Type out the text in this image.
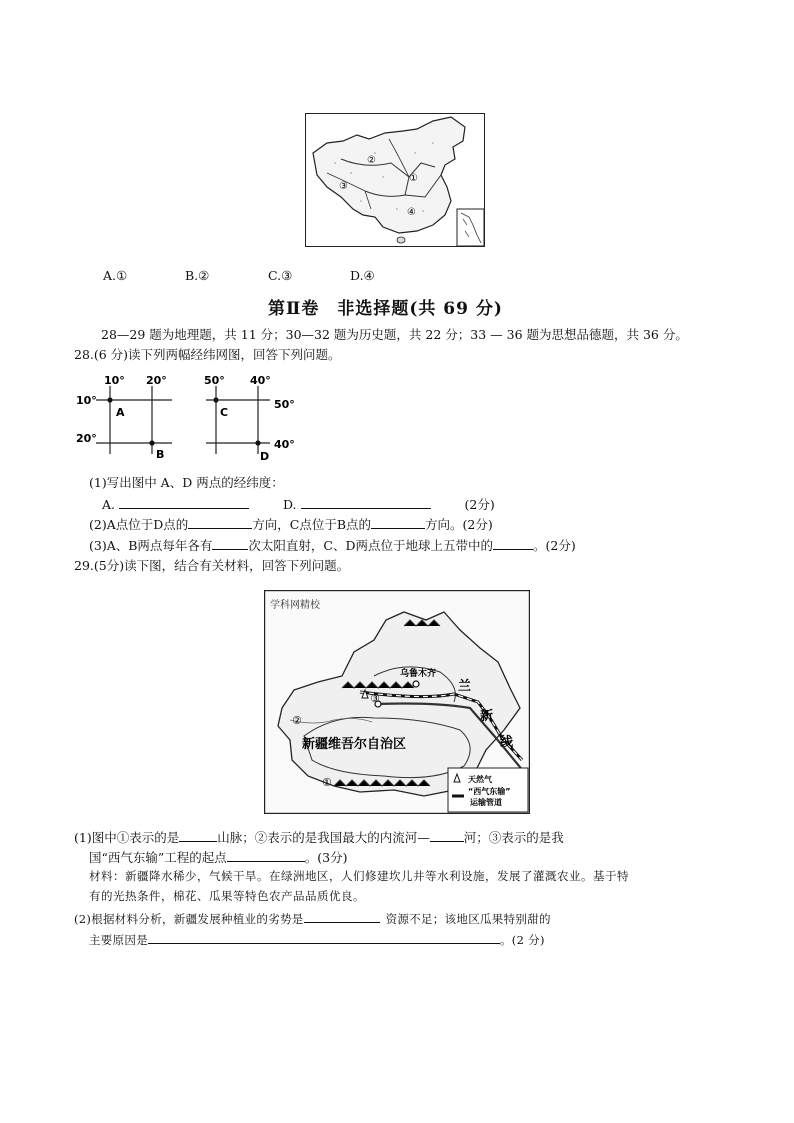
②
③
①
④
A.①	B.②	C.③	D.④
第Ⅱ卷　非选择题(共 69 分)
28—29 题为地理题，共 11 分；30—32 题为历史题，共 22 分；33 — 36 题为思想品德题，共 36 分。
28.(6 分)读下列两幅经纬网图，回答下列问题。
10° 20°
10°
20°
A
B
50° 40°
50°
40°
C
D
(1)写出图中 A、D 两点的经纬度：
A.	D.	(2分)
(2)A点位于D点的	方向，C点位于B点的	方向。(2分)
(3)A、B两点每年各有	次太阳直射，C、D两点位于地球上五带中的	。(2分)
29.(5分)读下图，结合有关材料，回答下列问题。
学科网精校
乌鲁木齐
新疆维吾尔自治区
兰
新
线
①
②
③
天然气
“西气东输”
运输管道
(1)图中①表示的是	山脉；②表示的是我国最大的内流河—	河；③表示的是我
国“西气东输”工程的起点	。(3分)
材料：新疆降水稀少，气候干旱。在绿洲地区，人们修建坎儿井等水利设施，发展了灌溉农业。基于特
有的光热条件，棉花、瓜果等特色农产品品质优良。
(2)根据材料分析，新疆发展种植业的劣势是	资源不足；该地区瓜果特别甜的
主要原因是	。(2 分)
